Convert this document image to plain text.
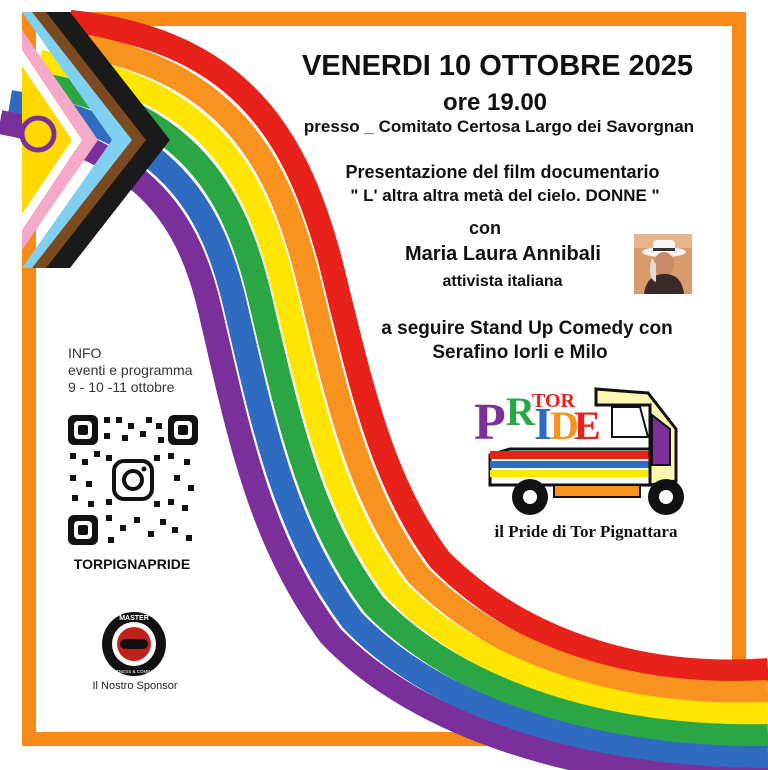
VENERDI 10 OTTOBRE 2025
ore 19.00
presso _ Comitato Certosa Largo dei Savorgnan
Presentazione del film documentario
" L' altra altra metà del cielo. DONNE "
con
Maria Laura Annibali
attivista italiana
a seguire Stand Up Comedy con
Serafino Iorli e Milo
P R I
D
E
TOR
il Pride di Tor Pignattara
INFO
eventi e programma
9 - 10 -11 ottobre
TORPIGNAPRIDE
MASTER
FITNESS & COMBAT
Il Nostro Sponsor
